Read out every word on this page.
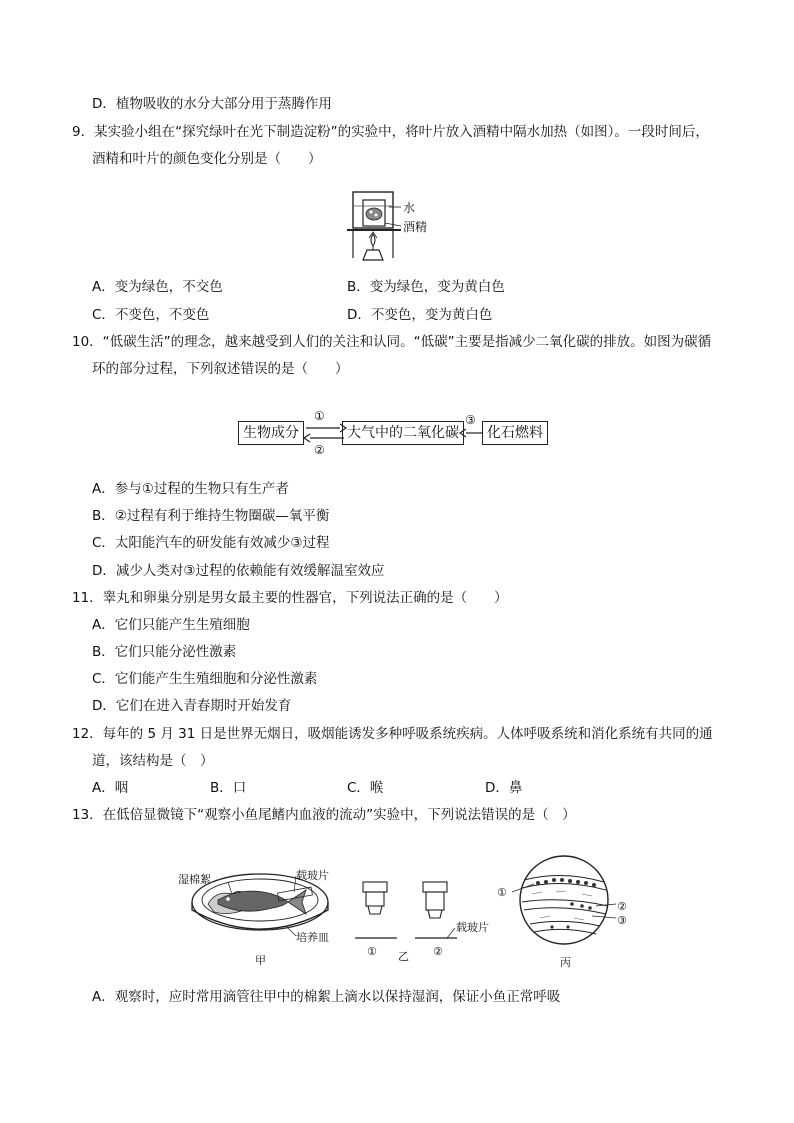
D．植物吸收的水分大部分用于蒸腾作用
9．某实验小组在“探究绿叶在光下制造淀粉”的实验中，将叶片放入酒精中隔水加热（如图）。一段时间后，
酒精和叶片的颜色变化分别是（　　）
水
酒精
A．变为绿色，不交色	B．变为绿色，变为黄白色
C．不变色，不变色	D．不变色，变为黄白色
10．“低碳生活”的理念，越来越受到人们的关注和认同。“低碳”主要是指减少二氧化碳的排放。如图为碳循
环的部分过程，下列叙述错误的是（　　）
生物成分	大气中的二氧化碳	化石燃料
①
②
③
A．参与①过程的生物只有生产者
B．②过程有利于维持生物圈碳—氧平衡
C．太阳能汽车的研发能有效减少③过程
D．减少人类对③过程的依赖能有效缓解温室效应
11．睾丸和卵巢分别是男女最主要的性器官，下列说法正确的是（　　）
A．它们只能产生生殖细胞
B．它们只能分泌性激素
C．它们能产生生殖细胞和分泌性激素
D．它们在进入青春期时开始发育
12．每年的 5 月 31 日是世界无烟日，吸烟能诱发多种呼吸系统疾病。人体呼吸系统和消化系统有共同的通
道，该结构是（　）
A．咽	B．口	C．喉	D．鼻
13．在低倍显微镜下“观察小鱼尾鳍内血液的流动”实验中，下列说法错误的是（　）
湿棉絮	载玻片
培养皿
甲
① 乙 ②
载玻片
①
②
③
丙
A．观察时，应时常用滴管往甲中的棉絮上滴水以保持湿润，保证小鱼正常呼吸
